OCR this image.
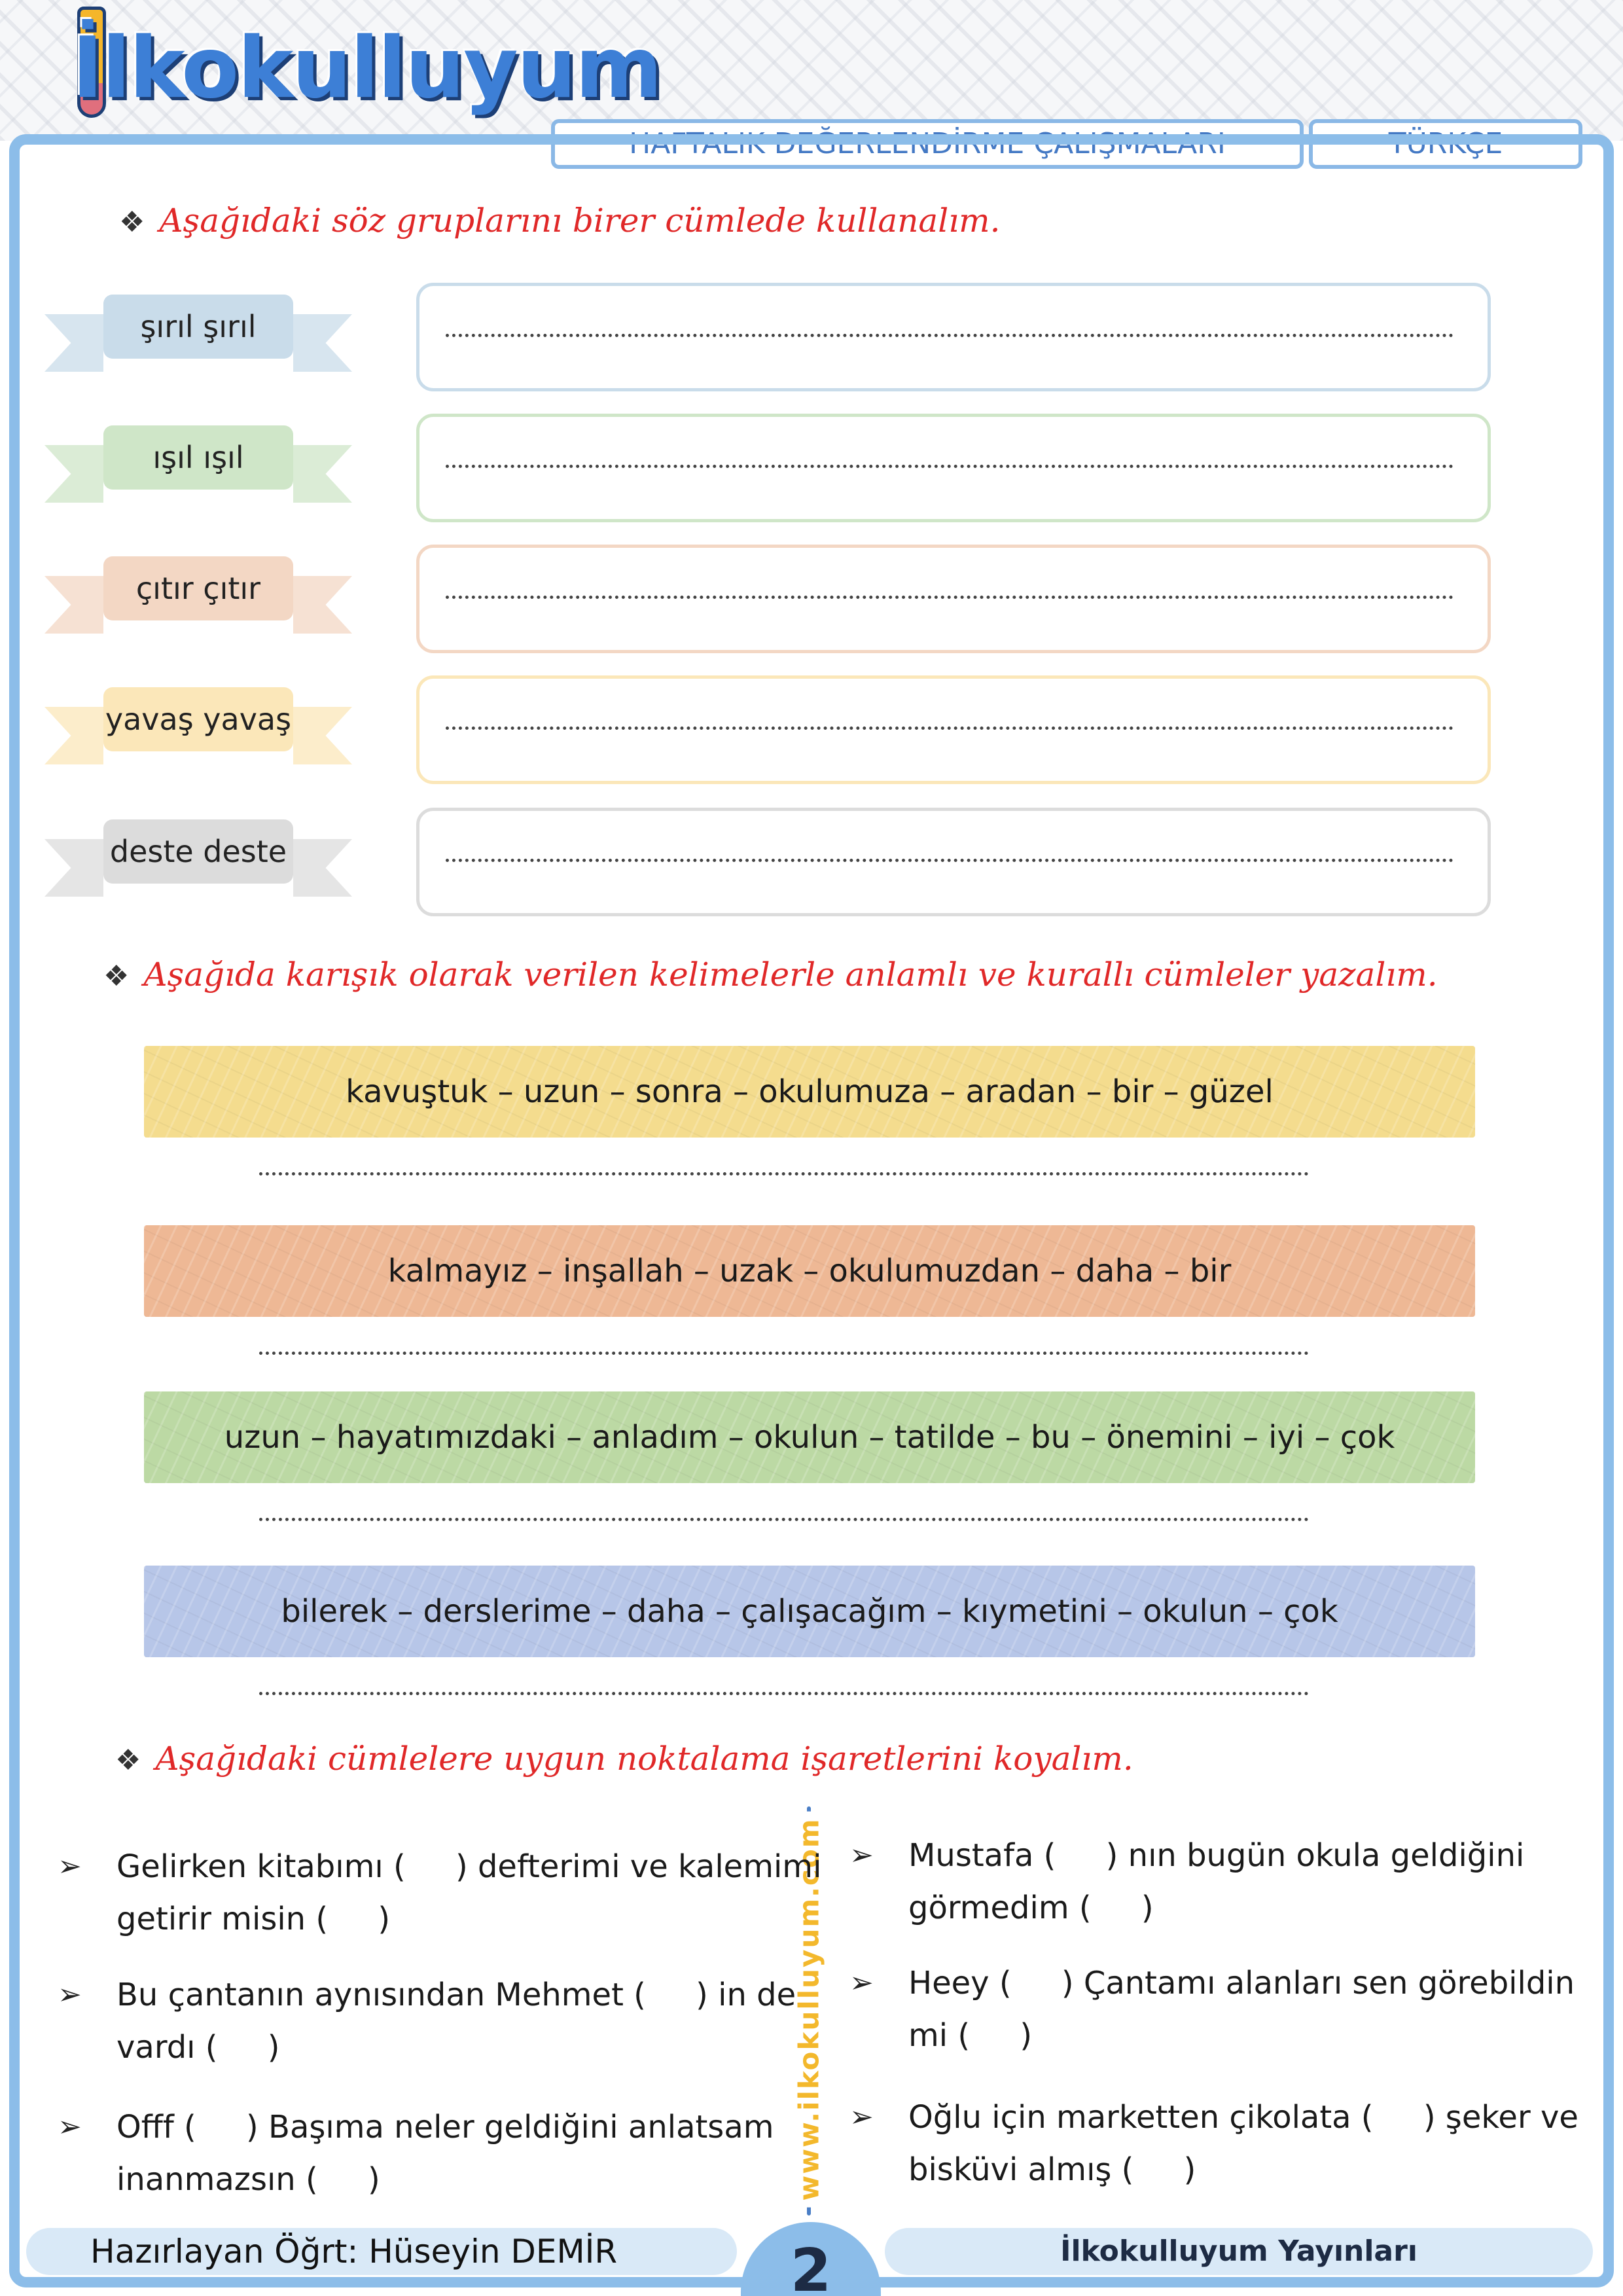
İlkokulluyum
HAFTALIK DEĞERLENDİRME ÇALIŞMALARI	TÜRKÇE
❖ Aşağıdaki söz gruplarını birer cümlede kullanalım.
şırıl şırıl
ışıl ışıl
çıtır çıtır
yavaş yavaş
deste deste
❖ Aşağıda karışık olarak verilen kelimelerle anlamlı ve kurallı cümleler yazalım.
kavuştuk – uzun – sonra – okulumuza – aradan – bir – güzel
kalmayız – inşallah – uzak – okulumuzdan – daha – bir
uzun – hayatımızdaki – anladım – okulun – tatilde – bu – önemini – iyi – çok
bilerek – derslerime – daha – çalışacağım – kıymetini – okulun – çok
❖ Aşağıdaki cümlelere uygun noktalama işaretlerini koyalım.
www.ilkokulluyum.com
➢ Gelirken kitabımı (     ) defterimi ve kalemimi
getirir misin (     )
➢ Bu çantanın aynısından Mehmet (     ) in de
vardı (     )
➢ Offf (     ) Başıma neler geldiğini anlatsam
inanmazsın (     )
➢ Mustafa (     ) nın bugün okula geldiğini
görmedim (     )
➢ Heey (     ) Çantamı alanları sen görebildin
mi (     )
➢ Oğlu için marketten çikolata (     ) şeker ve
bisküvi almış (     )
Hazırlayan Öğrt: Hüseyin DEMİR	2	İlkokulluyum Yayınları
